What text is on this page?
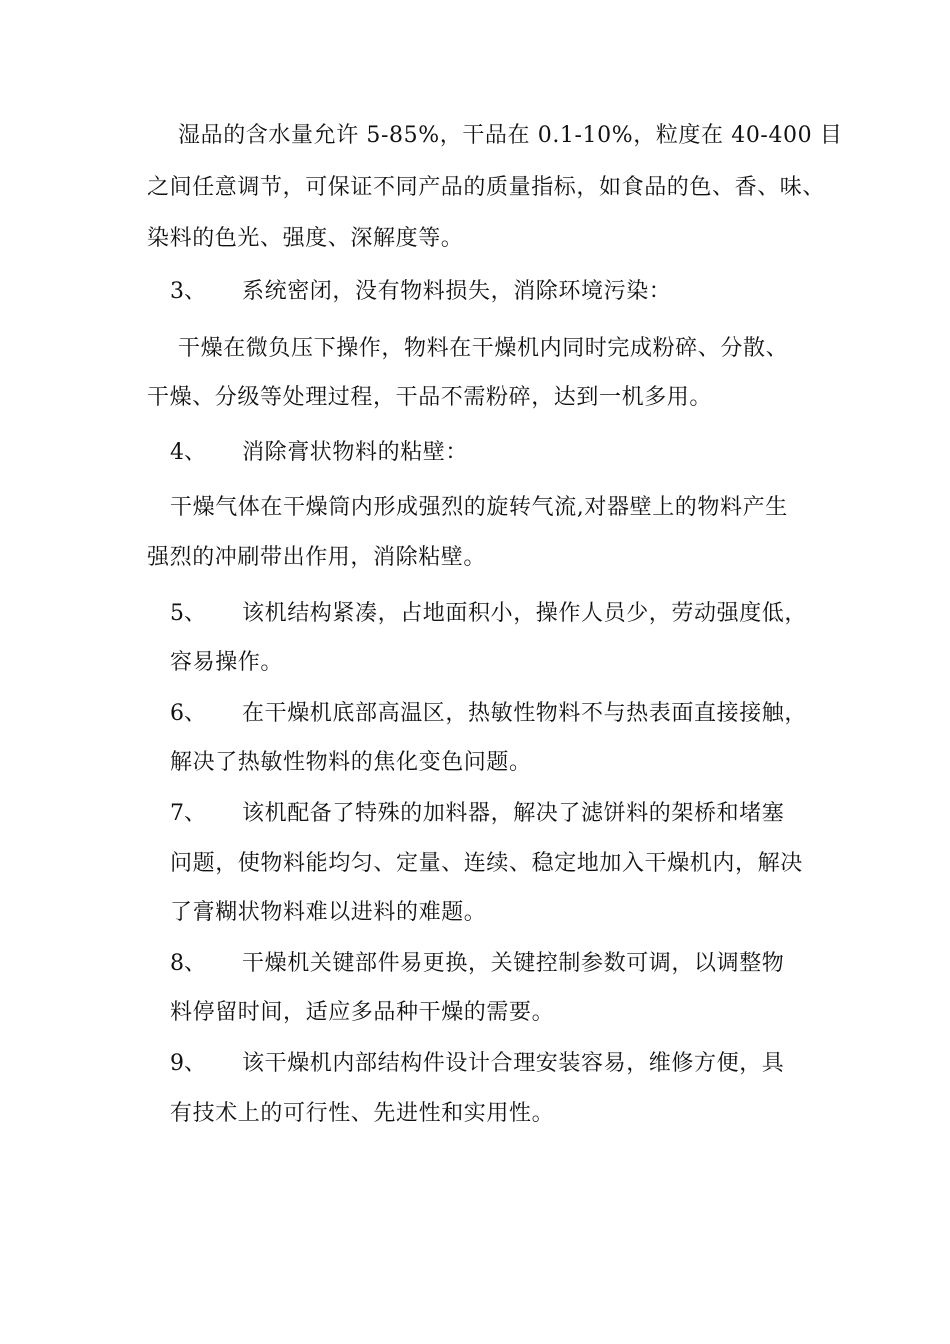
湿品的含水量允许 5-85%，干品在 0.1-10%，粒度在 40-400 目
之间任意调节，可保证不同产品的质量指标，如食品的色、香、味、
染料的色光、强度、深解度等。
3、 系统密闭，没有物料损失，消除环境污染：
干燥在微负压下操作，物料在干燥机内同时完成粉碎、分散、
干燥、分级等处理过程，干品不需粉碎，达到一机多用。
4、 消除膏状物料的粘壁：
干燥气体在干燥筒内形成强烈的旋转气流,对器壁上的物料产生
强烈的冲刷带出作用，消除粘壁。
5、 该机结构紧凑，占地面积小，操作人员少，劳动强度低，
容易操作。
6、 在干燥机底部高温区，热敏性物料不与热表面直接接触，
解决了热敏性物料的焦化变色问题。
7、 该机配备了特殊的加料器，解决了滤饼料的架桥和堵塞
问题，使物料能均匀、定量、连续、稳定地加入干燥机内，解决
了膏糊状物料难以进料的难题。
8、 干燥机关键部件易更换，关键控制参数可调，以调整物
料停留时间，适应多品种干燥的需要。
9、 该干燥机内部结构件设计合理安装容易，维修方便，具
有技术上的可行性、先进性和实用性。
